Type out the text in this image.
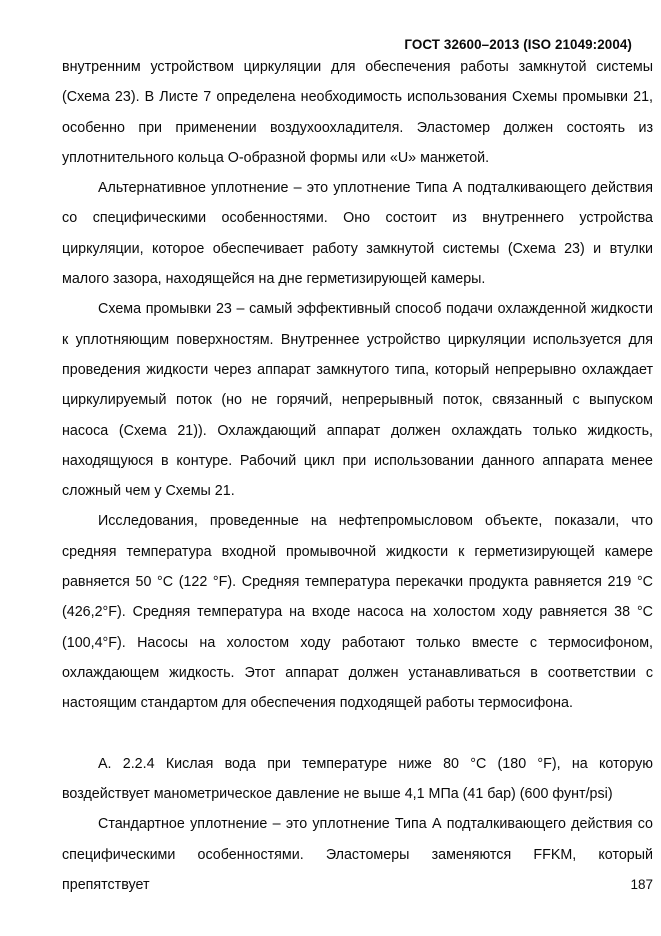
ГОСТ 32600–2013 (ISO 21049:2004)

внутренним устройством циркуляции для обеспечения работы замкнутой системы (Схема 23). В Листе 7 определена необходимость использования Схемы промывки 21, особенно при применении воздухоохладителя. Эластомер должен состоять из уплотнительного кольца О-образной формы или «U» манжетой.

Альтернативное уплотнение – это уплотнение Типа А подталкивающего действия со специфическими особенностями. Оно состоит из внутреннего устройства циркуляции, которое обеспечивает работу замкнутой системы (Схема 23) и втулки малого зазора, находящейся на дне герметизирующей камеры.

Схема промывки 23 – самый эффективный способ подачи охлажденной жидкости к уплотняющим поверхностям. Внутреннее устройство циркуляции используется для проведения жидкости через аппарат замкнутого типа, который непрерывно охлаждает циркулируемый поток (но не горячий, непрерывный поток, связанный с выпуском насоса (Схема 21)). Охлаждающий аппарат должен охлаждать только жидкость, находящуюся в контуре. Рабочий цикл при использовании данного аппарата менее сложный чем у Схемы 21.

Исследования, проведенные на нефтепромысловом объекте, показали, что средняя температура входной промывочной жидкости к герметизирующей камере равняется 50 °С (122 °F). Средняя температура перекачки продукта равняется 219 °С (426,2°F). Средняя температура на входе насоса на холостом ходу равняется 38 °С (100,4°F). Насосы на холостом ходу работают только вместе с термосифоном, охлаждающем жидкость. Этот аппарат должен устанавливаться в соответствии с настоящим стандартом для обеспечения подходящей работы термосифона.

А. 2.2.4 Кислая вода при температуре ниже 80 °С (180 °F), на которую воздействует манометрическое давление не выше 4,1 МПа (41 бар) (600 фунт/psi)

Стандартное уплотнение – это уплотнение Типа А подталкивающего действия со специфическими особенностями. Эластомеры заменяются FFKM, который препятствует	187
